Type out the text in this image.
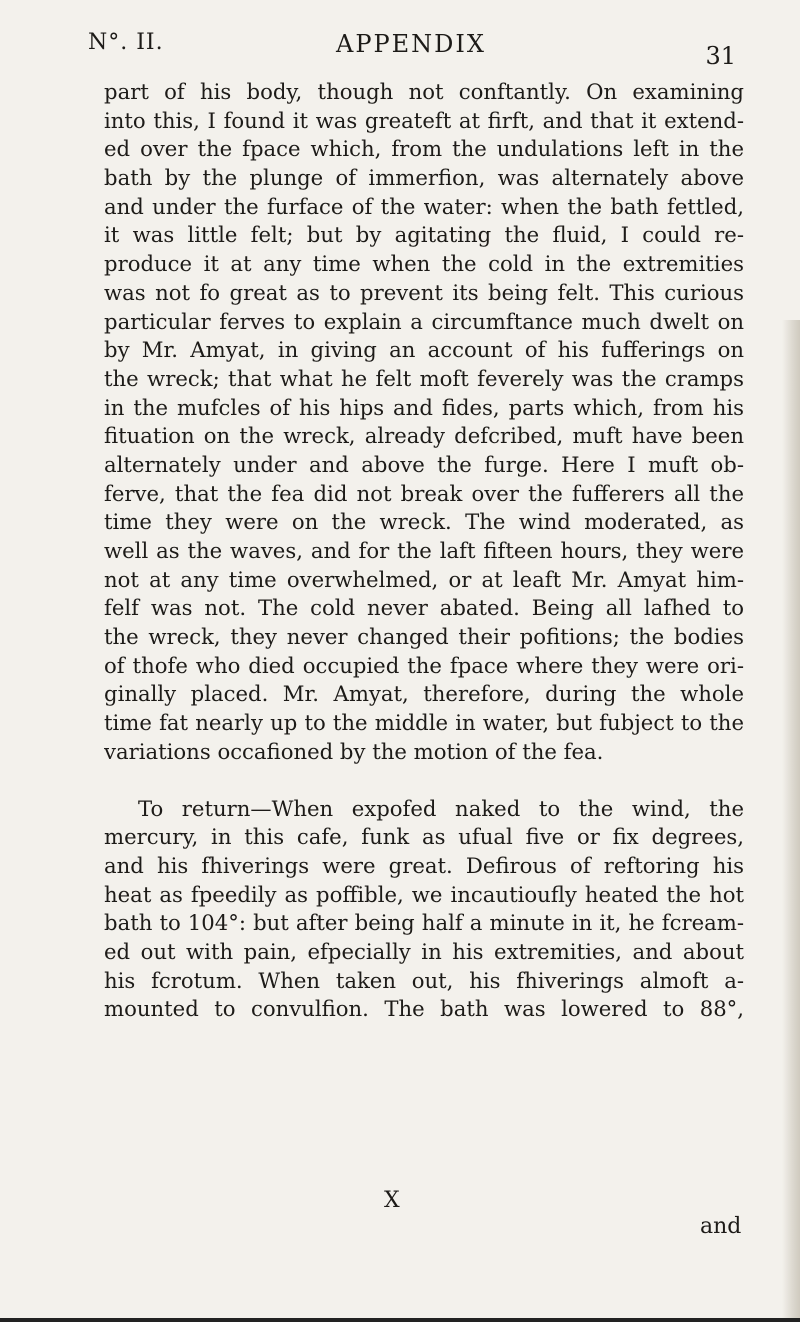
N°. II.	APPENDIX	31
part of his body, though not conftantly. On examining
into this, I found it was greateft at firft, and that it extend-
ed over the fpace which, from the undulations left in the
bath by the plunge of immerfion, was alternately above
and under the furface of the water: when the bath fettled,
it was little felt; but by agitating the fluid, I could re-
produce it at any time when the cold in the extremities
was not fo great as to prevent its being felt. This curious
particular ferves to explain a circumftance much dwelt on
by Mr. Amyat, in giving an account of his fufferings on
the wreck; that what he felt moft feverely was the cramps
in the mufcles of his hips and fides, parts which, from his
fituation on the wreck, already defcribed, muft have been
alternately under and above the furge. Here I muft ob-
ferve, that the fea did not break over the fufferers all the
time they were on the wreck. The wind moderated, as
well as the waves, and for the laft fifteen hours, they were
not at any time overwhelmed, or at leaft Mr. Amyat him-
felf was not. The cold never abated. Being all lafhed to
the wreck, they never changed their pofitions; the bodies
of thofe who died occupied the fpace where they were ori-
ginally placed. Mr. Amyat, therefore, during the whole
time fat nearly up to the middle in water, but fubject to the
variations occafioned by the motion of the fea.
To return—When expofed naked to the wind, the
mercury, in this cafe, funk as ufual five or fix degrees,
and his fhiverings were great. Defirous of reftoring his
heat as fpeedily as poffible, we incautioufly heated the hot
bath to 104°: but after being half a minute in it, he fcream-
ed out with pain, efpecially in his extremities, and about
his fcrotum. When taken out, his fhiverings almoft a-
mounted to convulfion. The bath was lowered to 88°,
X
and
